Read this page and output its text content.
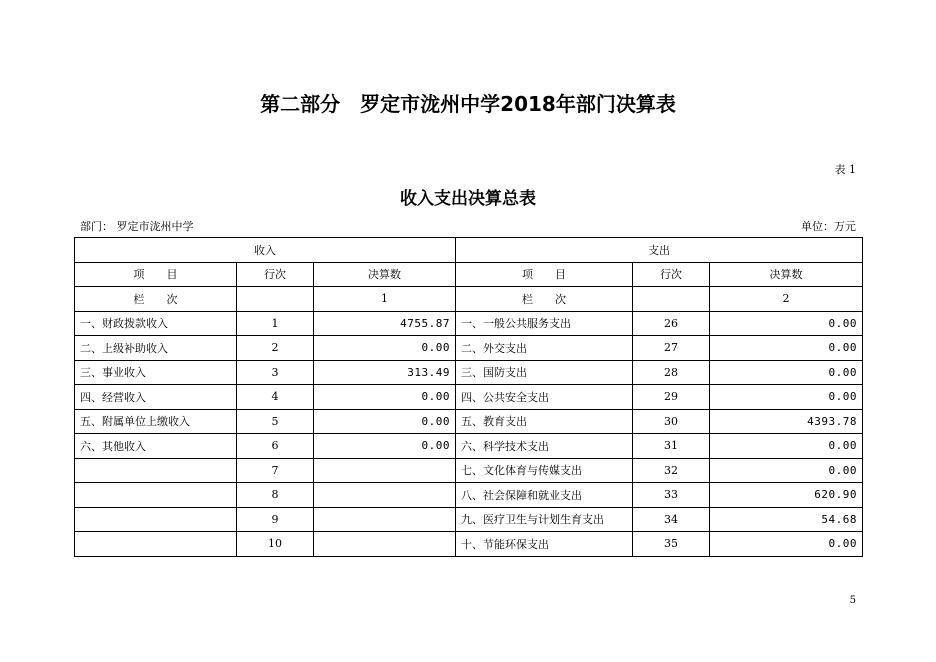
第二部分　罗定市泷州中学2018年部门决算表
表 1
收入支出决算总表
部门： 罗定市泷州中学	单位：万元
收入			支出		
项　　目	行次	决算数	项　　目	行次	决算数
栏　　次		1	栏　　次		2
一、财政拨款收入	1	4755.87	一、一般公共服务支出	26	0.00
二、上级补助收入	2	0.00	二、外交支出	27	0.00
三、事业收入	3	313.49	三、国防支出	28	0.00
四、经营收入	4	0.00	四、公共安全支出	29	0.00
五、附属单位上缴收入	5	0.00	五、教育支出	30	4393.78
六、其他收入	6	0.00	六、科学技术支出	31	0.00
	7		七、文化体育与传媒支出	32	0.00
	8		八、社会保障和就业支出	33	620.90
	9		九、医疗卫生与计划生育支出	34	54.68
	10		十、节能环保支出	35	0.00
5
